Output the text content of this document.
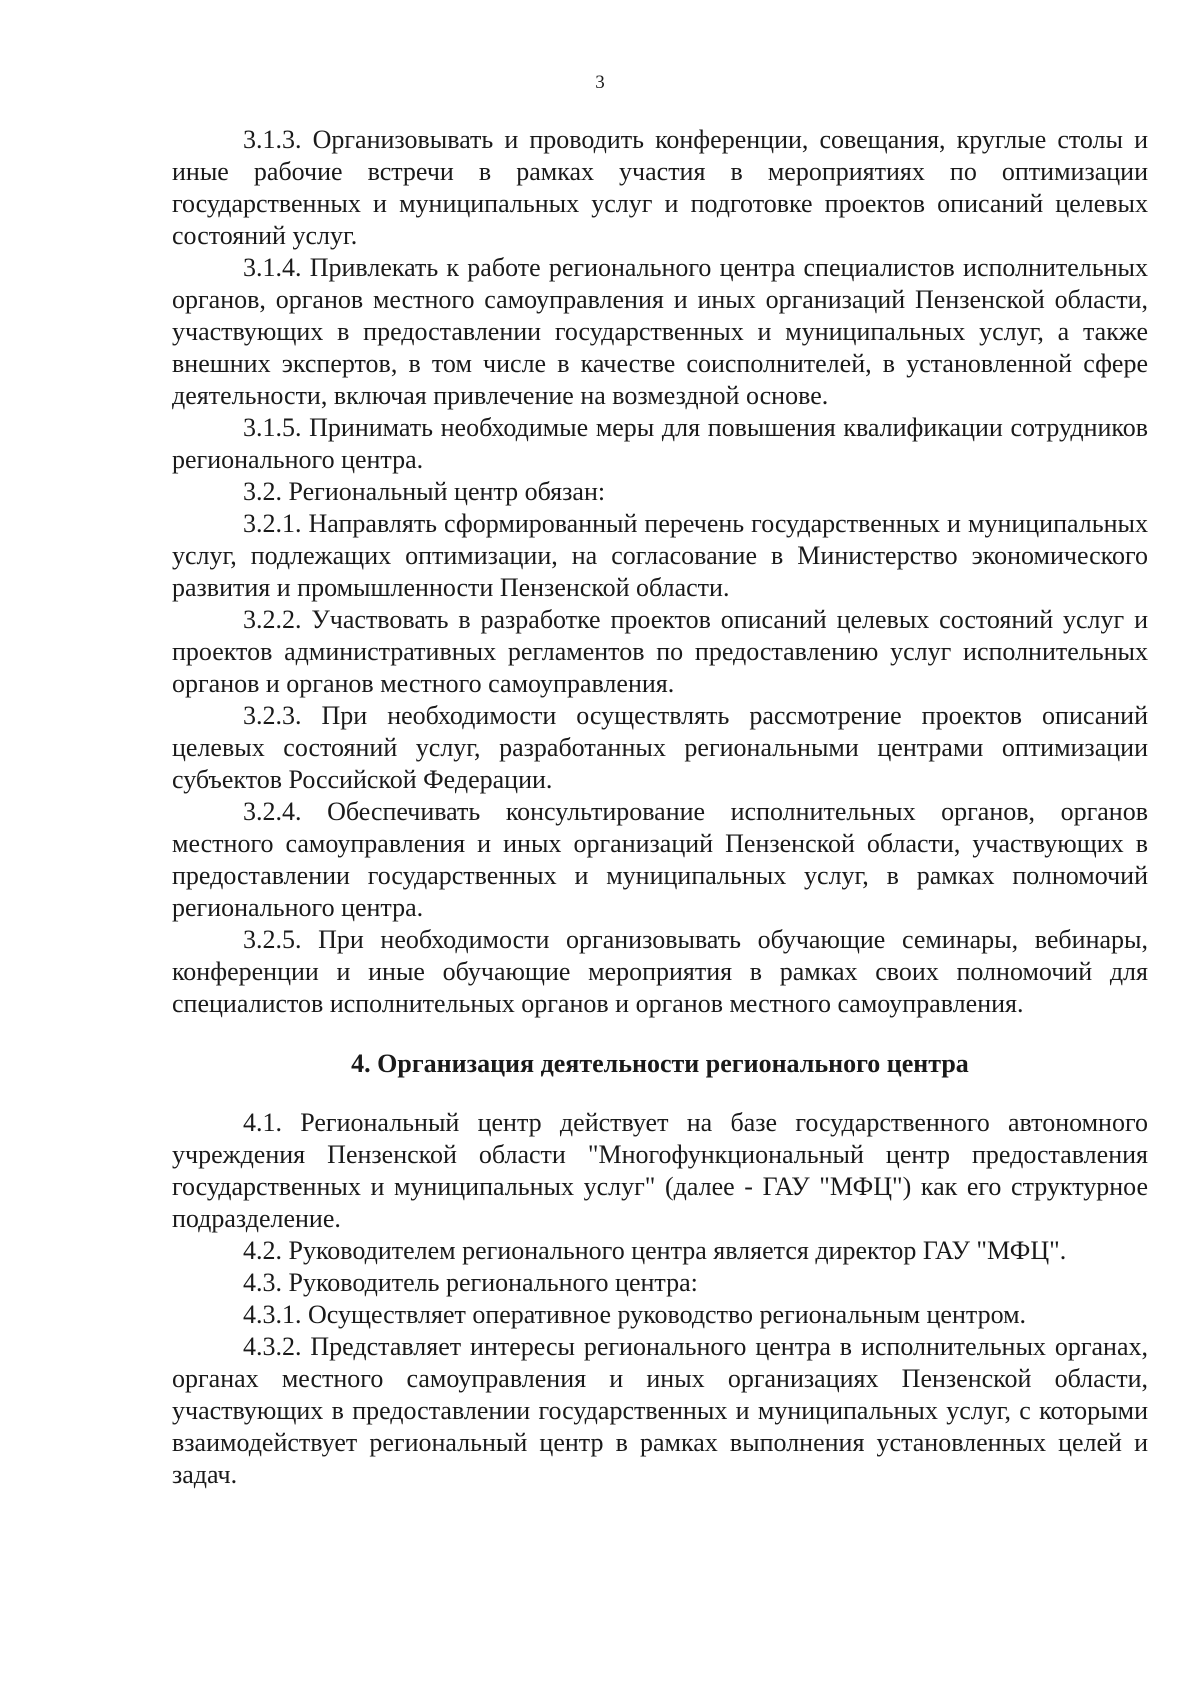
3

3.1.3. Организовывать и проводить конференции, совещания, круглые столы и иные рабочие встречи в рамках участия в мероприятиях по оптимизации государственных и муниципальных услуг и подготовке проектов описаний целевых состояний услуг.

3.1.4. Привлекать к работе регионального центра специалистов исполнительных органов, органов местного самоуправления и иных организаций Пензенской области, участвующих в предоставлении государственных и муниципальных услуг, а также внешних экспертов, в том числе в качестве соисполнителей, в установленной сфере деятельности, включая привлечение на возмездной основе.

3.1.5. Принимать необходимые меры для повышения квалификации сотрудников регионального центра.

3.2. Региональный центр обязан:

3.2.1. Направлять сформированный перечень государственных и муниципальных услуг, подлежащих оптимизации, на согласование в Министерство экономического развития и промышленности Пензенской области.

3.2.2. Участвовать в разработке проектов описаний целевых состояний услуг и проектов административных регламентов по предоставлению услуг исполнительных органов и органов местного самоуправления.

3.2.3. При необходимости осуществлять рассмотрение проектов описаний целевых состояний услуг, разработанных региональными центрами оптимизации субъектов Российской Федерации.

3.2.4. Обеспечивать консультирование исполнительных органов, органов местного самоуправления и иных организаций Пензенской области, участвующих в предоставлении государственных и муниципальных услуг, в рамках полномочий регионального центра.

3.2.5. При необходимости организовывать обучающие семинары, вебинары, конференции и иные обучающие мероприятия в рамках своих полномочий для специалистов исполнительных органов и органов местного самоуправления.

4. Организация деятельности регионального центра

4.1. Региональный центр действует на базе государственного автономного учреждения Пензенской области "Многофункциональный центр предоставления государственных и муниципальных услуг" (далее - ГАУ "МФЦ") как его структурное подразделение.

4.2. Руководителем регионального центра является директор ГАУ "МФЦ".

4.3. Руководитель регионального центра:

4.3.1. Осуществляет оперативное руководство региональным центром.

4.3.2. Представляет интересы регионального центра в исполнительных органах, органах местного самоуправления и иных организациях Пензенской области, участвующих в предоставлении государственных и муниципальных услуг, с которыми взаимодействует региональный центр в рамках выполнения установленных целей и задач.
